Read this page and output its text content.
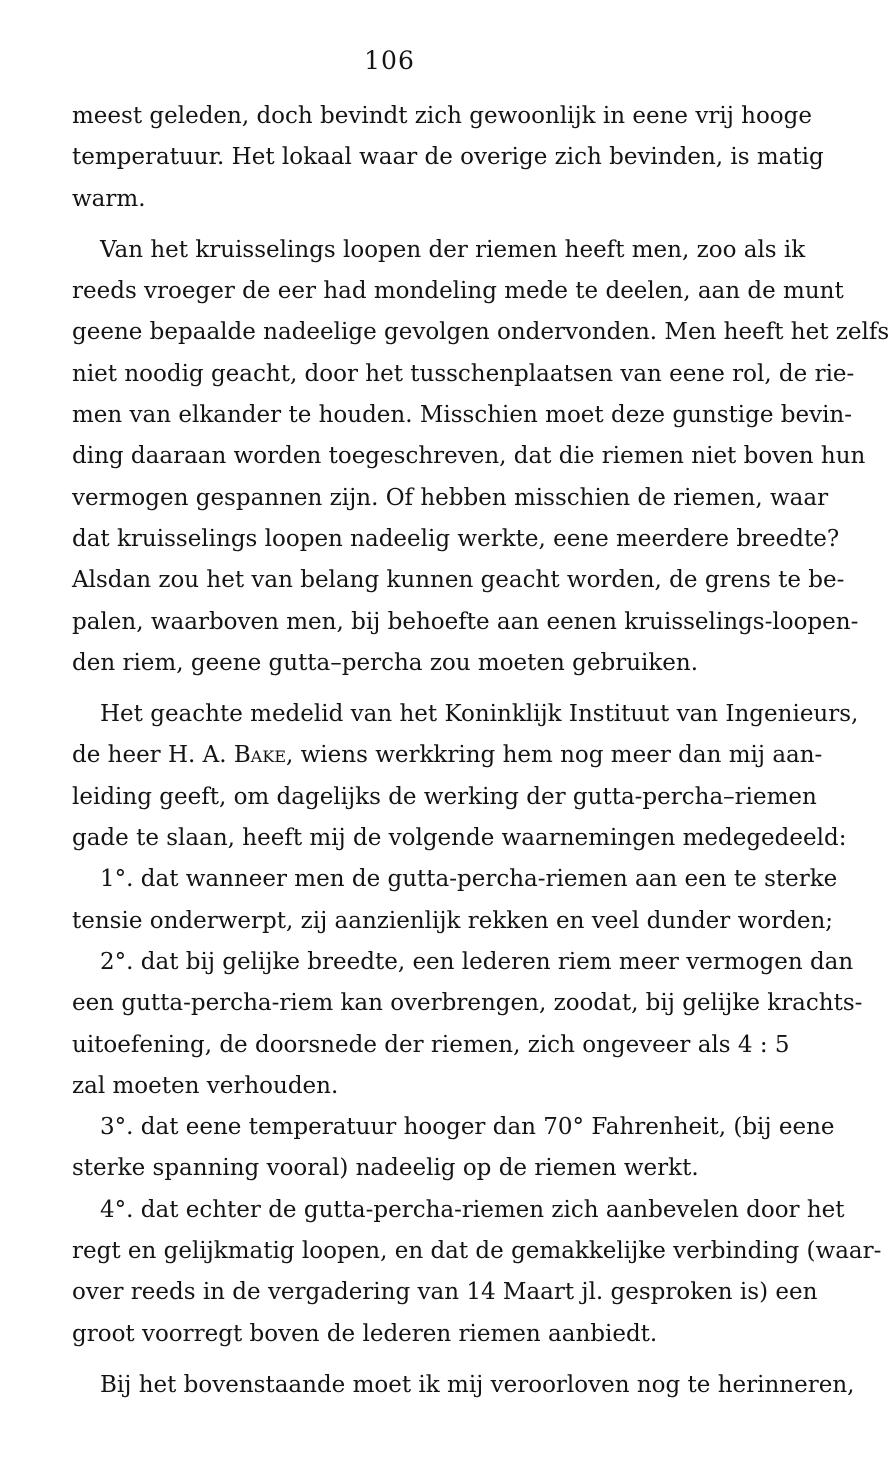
106
meest geleden, doch bevindt zich gewoonlijk in eene vrij hooge
temperatuur. Het lokaal waar de overige zich bevinden, is matig
warm.
Van het kruisselings loopen der riemen heeft men, zoo als ik
reeds vroeger de eer had mondeling mede te deelen, aan de munt
geene bepaalde nadeelige gevolgen ondervonden. Men heeft het zelfs
niet noodig geacht, door het tusschenplaatsen van eene rol, de rie-
men van elkander te houden. Misschien moet deze gunstige bevin-
ding daaraan worden toegeschreven, dat die riemen niet boven hun
vermogen gespannen zijn. Of hebben misschien de riemen, waar
dat kruisselings loopen nadeelig werkte, eene meerdere breedte?
Alsdan zou het van belang kunnen geacht worden, de grens te be-
palen, waarboven men, bij behoefte aan eenen kruisselings-loopen-
den riem, geene gutta–percha zou moeten gebruiken.
Het geachte medelid van het Koninklijk Instituut van Ingenieurs,
de heer H. A. Bake, wiens werkkring hem nog meer dan mij aan-
leiding geeft, om dagelijks de werking der gutta-percha–riemen
gade te slaan, heeft mij de volgende waarnemingen medegedeeld:
1°. dat wanneer men de gutta-percha-riemen aan een te sterke
tensie onderwerpt, zij aanzienlijk rekken en veel dunder worden;
2°. dat bij gelijke breedte, een lederen riem meer vermogen dan
een gutta-percha-riem kan overbrengen, zoodat, bij gelijke krachts-
uitoefening, de doorsnede der riemen, zich ongeveer als 4 : 5
zal moeten verhouden.
3°. dat eene temperatuur hooger dan 70° Fahrenheit, (bij eene
sterke spanning vooral) nadeelig op de riemen werkt.
4°. dat echter de gutta-percha-riemen zich aanbevelen door het
regt en gelijkmatig loopen, en dat de gemakkelijke verbinding (waar-
over reeds in de vergadering van 14 Maart jl. gesproken is) een
groot voorregt boven de lederen riemen aanbiedt.
Bij het bovenstaande moet ik mij veroorloven nog te herinneren,
